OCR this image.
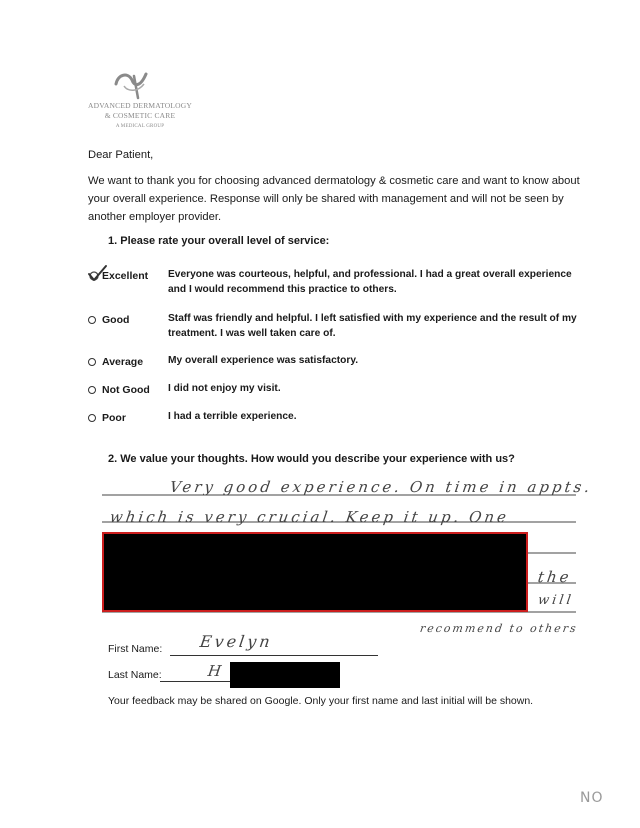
ADVANCED DERMATOLOGY
& COSMETIC CARE
A MEDICAL GROUP
Dear Patient,
We want to thank you for choosing advanced dermatology & cosmetic care and want to know about your overall experience. Response will only be shared with management and will not be seen by another employer provider.
1. Please rate your overall level of service:
Excellent Everyone was courteous, helpful, and professional. I had a great overall experience and I would recommend this practice to others.
Good	Staff was friendly and helpful. I left satisfied with my experience and the result of my treatment. I was well taken care of.
Average My overall experience was satisfactory.
Not Good I did not enjoy my visit.
Poor	I had a terrible experience.
2. We value your thoughts. How would you describe your experience with us?
Very good experience. On time in appts.
which is very crucial. Keep it up. One
the
will
recommend to others
First Name: Evelyn
Last Name:	H
Your feedback may be shared on Google. Only your first name and last initial will be shown.
NO
